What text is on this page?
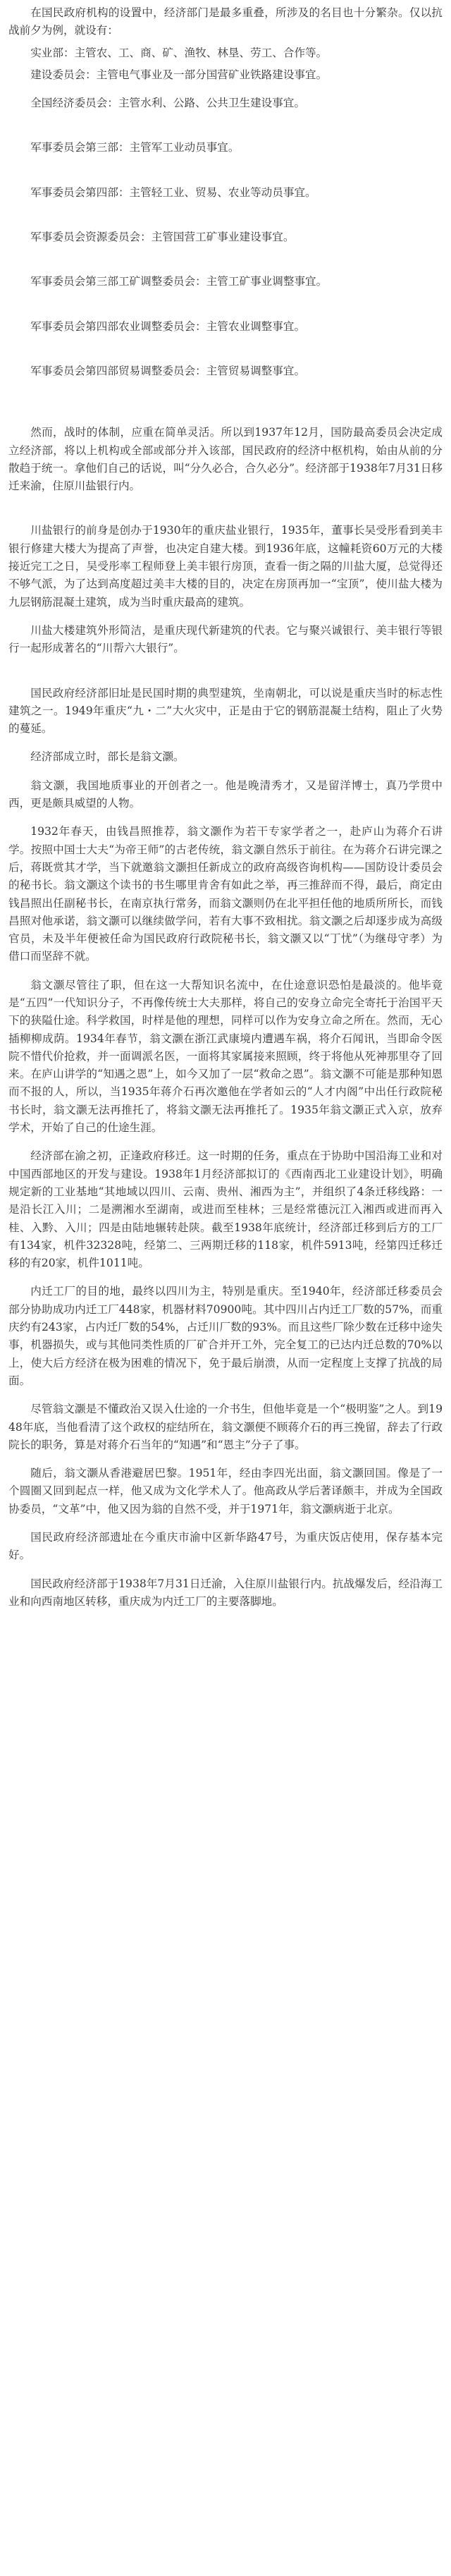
在国民政府机构的设置中，经济部门是最多重叠，所涉及的名目也十分繁杂。仅以抗战前夕为例，就设有：

实业部：主管农、工、商、矿、渔牧、林垦、劳工、合作等。

建设委员会：主管电气事业及一部分国营矿业铁路建设事宜。

全国经济委员会：主管水利、公路、公共卫生建设事宜。

军事委员会第三部：主管军工业动员事宜。

军事委员会第四部：主管轻工业、贸易、农业等动员事宜。

军事委员会资源委员会：主管国营工矿事业建设事宜。

军事委员会第三部工矿调整委员会：主管工矿事业调整事宜。

军事委员会第四部农业调整委员会：主管农业调整事宜。

军事委员会第四部贸易调整委员会：主管贸易调整事宜。

然而，战时的体制，应重在简单灵活。所以到1937年12月，国防最高委员会决定成立经济部，将以上机构或全部或部分并入该部，国民政府的经济中枢机构，始由从前的分散趋于统一。拿他们自己的话说，叫“分久必合，合久必分”。经济部于1938年7月31日移迁来渝，住原川盐银行内。

川盐银行的前身是创办于1930年的重庆盐业银行，1935年，董事长吴受彤看到美丰银行修建大楼大为提高了声誉，也决定自建大楼。到1936年底，这幢耗资60万元的大楼接近完工之日，吴受彤率工程师登上美丰银行房顶，查看一街之隔的川盐大厦，总觉得还不够气派，为了达到高度超过美丰大楼的目的，决定在房顶再加一“宝顶”，使川盐大楼为九层钢筋混凝土建筑，成为当时重庆最高的建筑。

川盐大楼建筑外形简洁，是重庆现代新建筑的代表。它与聚兴诚银行、美丰银行等银行一起形成著名的“川帮六大银行”。

国民政府经济部旧址是民国时期的典型建筑，坐南朝北，可以说是重庆当时的标志性建筑之一。1949年重庆“九・二”大火灾中，正是由于它的钢筋混凝土结构，阻止了火势的蔓延。

经济部成立时，部长是翁文灏。

翁文灏，我国地质事业的开创者之一。他是晚清秀才，又是留洋博士，真乃学贯中西，更是颇具威望的人物。

1932年春天，由钱昌照推荐，翁文灏作为若干专家学者之一，赴庐山为蒋介石讲学。按照中国士大夫“为帝王师”的古老传统，翁文灏自然乐于前往。在为蒋介石讲完课之后，蒋既赏其才学，当下就邀翁文灏担任新成立的政府高级咨询机构——国防设计委员会的秘书长。翁文灏这个读书的书生哪里肯舍有如此之举，再三推辞而不得，最后，商定由钱昌照出任副秘书长，在南京执行常务，而翁文灏则仍在北平担任他的地质所所长，而钱昌照对他承诺，翁文灏可以继续做学问，若有大事不致相扰。翁文灏之后却逐步成为高级官员，未及半年便被任命为国民政府行政院秘书长，翁文灏又以“丁忧”（为继母守孝）为借口而坚辞不就。

翁文灏尽管往了职，但在这一大帮知识名流中，在仕途意识恐怕是最淡的。他毕竟是“五四”一代知识分子，不再像传统士大夫那样，将自己的安身立命完全寄托于治国平天下的狭隘仕途。科学救国，时样是他的理想，同样可以作为安身立命之所在。然而，无心插柳柳成荫。1934年春节，翁文灏在浙江武康境内遭遇车祸，将介石闻讯，当即命令医院不惜代价抢救，并一面调派名医，一面将其家属接来照顾，终于将他从死神那里夺了回来。在庐山讲学的“知遇之恩”上，如今又加了一层“救命之恩”。翁文灏不可能是那种知恩而不报的人，所以，当1935年蒋介石再次邀他在学者如云的“人才内阁”中出任行政院秘书长时，翁文灏无法再推托了，将翁文灏无法再推托了。1935年翁文灏正式入京，放弃学术，开始了自己的仕途生涯。

经济部在渝之初，正逢政府移迁。这一时期的任务，重点在于协助中国沿海工业和对中国西部地区的开发与建设。1938年1月经济部拟订的《西南西北工业建设计划》，明确规定新的工业基地“其地域以四川、云南、贵州、湘西为主”，并组织了4条迁移线路：一是沿长江入川；二是溯湘水至湖南，或进而至桂林；三是经常德沅江入湘西或进而再入桂、入黔、入川；四是由陆地辗转赴陕。截至1938年底统计，经济部迁移到后方的工厂有134家，机件32328吨，经第二、三两期迁移的118家，机件5913吨，经第四迁移迁移的有20家，机件1011吨。

内迁工厂的目的地，最终以四川为主，特别是重庆。至1940年，经济部迁移委员会部分协助成功内迁工厂448家，机器材料70900吨。其中四川占内迁工厂数的57%，而重庆约有243家，占内迁厂数的54%，占迁川厂数的93%。而且这些厂除少数在迁移中途失事，机器损失，或与其他同类性质的厂矿合并开工外，完全复工的已达内迁总数的70%以上，使大后方经济在极为困难的情况下，免于最后崩溃，从而一定程度上支撑了抗战的局面。

尽管翁文灏是不懂政治又误入仕途的一介书生，但他毕竟是一个“极明鉴”之人。到1948年底，当他看清了这个政权的症结所在，翁文灏便不顾蒋介石的再三挽留，辞去了行政院长的职务，算是对蒋介石当年的“知遇”和“恩主”分子了事。

随后，翁文灏从香港避居巴黎。1951年，经由李四光出面，翁文灏回国。像是了一个圆圈又回到起点一样，他又成为文化学术人了。他高政从学后著译颇丰，并成为全国政协委员，“文革”中，他又因为翁的自然不受，并于1971年，翁文灏病逝于北京。

国民政府经济部遗址在今重庆市渝中区新华路47号，为重庆饭店使用，保存基本完好。

国民政府经济部于1938年7月31日迁渝，入住原川盐银行内。抗战爆发后，经沿海工业和向西南地区转移，重庆成为内迁工厂的主要落脚地。
